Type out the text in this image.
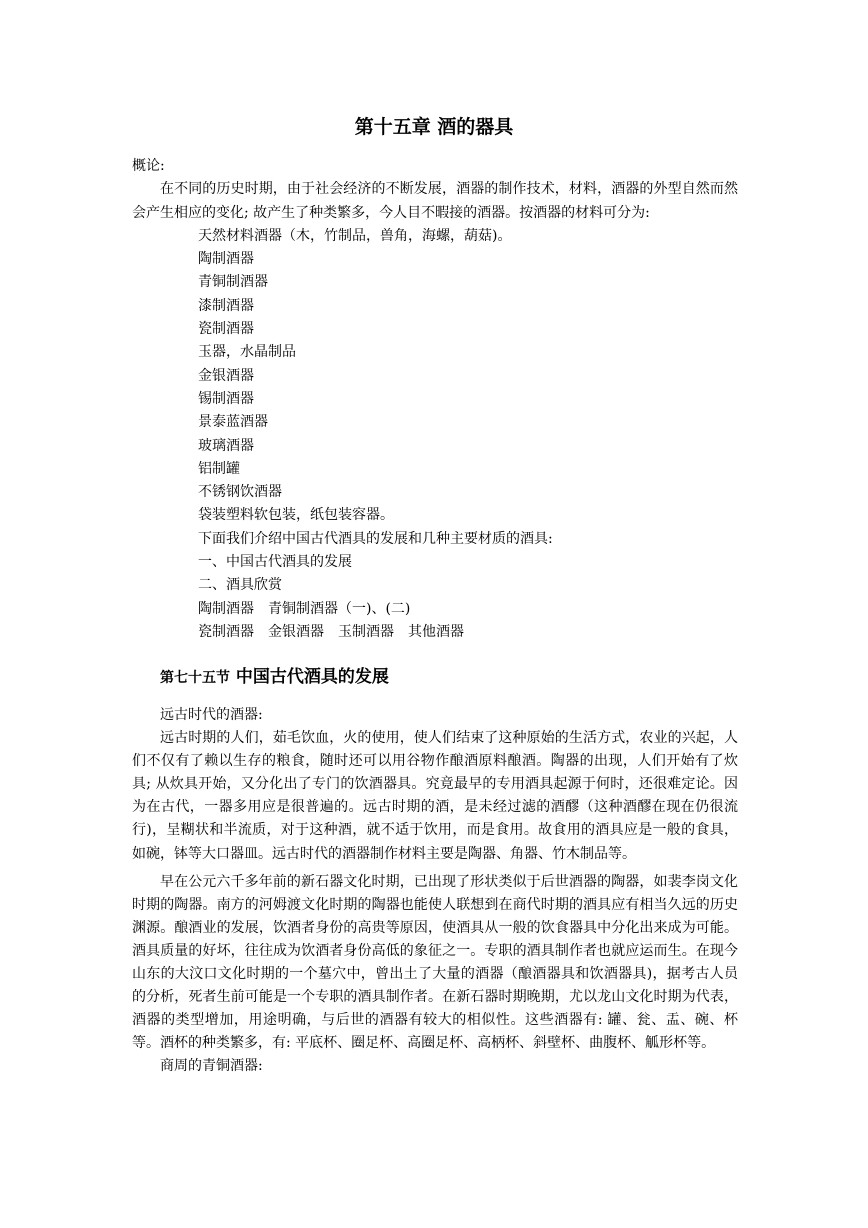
第十五章 酒的器具

概论:

在不同的历史时期，由于社会经济的不断发展，酒器的制作技术，材料，酒器的外型自然而然会产生相应的变化; 故产生了种类繁多，今人目不暇接的酒器。按酒器的材料可分为:

天然材料酒器（木，竹制品，兽角，海螺，葫菇)。

陶制酒器

青铜制酒器

漆制酒器

瓷制酒器

玉器，水晶制品

金银酒器

锡制酒器

景泰蓝酒器

玻璃酒器

铝制罐

不锈钢饮酒器

袋装塑料软包装，纸包装容器。

下面我们介绍中国古代酒具的发展和几种主要材质的酒具:

一、中国古代酒具的发展

二、酒具欣赏

陶制酒器　青铜制酒器（一)、(二)

瓷制酒器　金银酒器　玉制酒器　其他酒器

第七十五节 中国古代酒具的发展

远古时代的酒器:

远古时期的人们，茹毛饮血，火的使用，使人们结束了这种原始的生活方式，农业的兴起，人们不仅有了赖以生存的粮食，随时还可以用谷物作酿酒原料酿酒。陶器的出现，人们开始有了炊具; 从炊具开始，又分化出了专门的饮酒器具。究竟最早的专用酒具起源于何时，还很难定论。因为在古代，一器多用应是很普遍的。远古时期的酒，是未经过滤的酒醪（这种酒醪在现在仍很流行)，呈糊状和半流质，对于这种酒，就不适于饮用，而是食用。故食用的酒具应是一般的食具，如碗，钵等大口器皿。远古时代的酒器制作材料主要是陶器、角器、竹木制品等。

早在公元六千多年前的新石器文化时期，已出现了形状类似于后世酒器的陶器，如裴李岗文化时期的陶器。南方的河姆渡文化时期的陶器也能使人联想到在商代时期的酒具应有相当久远的历史渊源。酿酒业的发展，饮酒者身份的高贵等原因，使酒具从一般的饮食器具中分化出来成为可能。酒具质量的好坏，往往成为饮酒者身份高低的象征之一。专职的酒具制作者也就应运而生。在现今山东的大汶口文化时期的一个墓穴中，曾出土了大量的酒器（酿酒器具和饮酒器具)，据考古人员的分析，死者生前可能是一个专职的酒具制作者。在新石器时期晚期，尤以龙山文化时期为代表，酒器的类型增加，用途明确，与后世的酒器有较大的相似性。这些酒器有: 罐、瓮、盂、碗、杯等。酒杯的种类繁多，有: 平底杯、圈足杯、高圈足杯、高柄杯、斜壁杯、曲腹杯、觚形杯等。

商周的青铜酒器:
